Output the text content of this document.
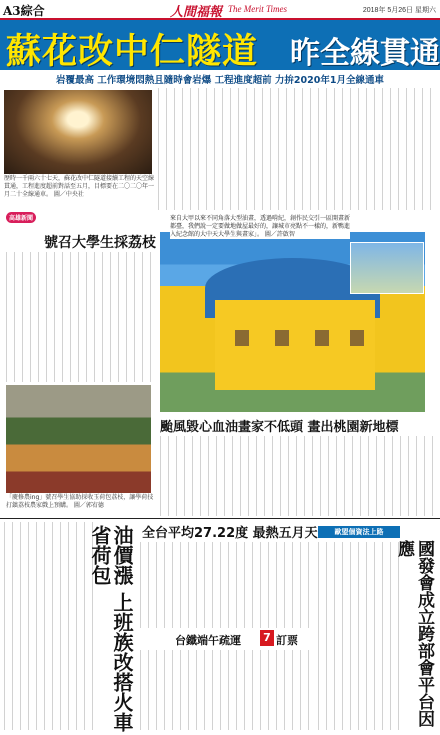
A3綜合	人間福報 The Merit Times	2018年 5月26日 星期六
蘇花改中仁隧道 昨全線貫通
岩覆最高 工作環境悶熱且隨時會岩爆 工程進度超前 力拚2020年1月全線通車
歷時一千兩六十七天，蘇花改中仁隧道接續工程的天空線貫通，工程進度超前對話至五月，目標要在二〇二〇年一月二十全線通車。 圖／中央社
高雄新聞
號召大學生採荔枝
「慶修農ing」號召學生協助採收玉荷包荔枝，讓學荷技打鎮荔枝農家戲上預購。 圖／郭宥德
來自大甲以來不同角落大型油畫，透過啃紀，創作民交引一區開畫新都臺，我們說一定要做地做屋最好的，讓城市亮點不一樣的，新鴨進入紀念館的大中天大學生與畫家」。 圖／許啟智
颱風毀心血油畫家不低頭 畫出桃園新地標
油價漲 上班族改搭火車省荷包	全台平均27.22度 最熱五月天
台鐵端午疏運 7 訂票
歐盟個資法上路
國發會成立跨部會平台因應
